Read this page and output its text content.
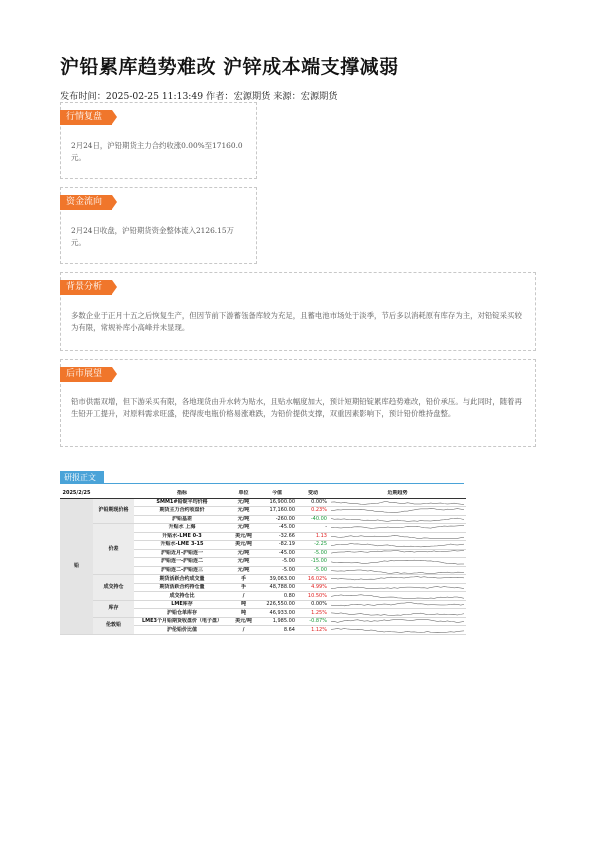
沪铅累库趋势难改 沪锌成本端支撑减弱
发布时间：2025-02-25 11:13:49 作者：宏源期货 来源：宏源期货
行情复盘
2月24日，沪铅期货主力合约收涨0.00%至17160.0元。
资金流向
2月24日收盘，沪铅期货资金整体流入2126.15万元。
背景分析
多数企业于正月十五之后恢复生产，但因节前下游蓄瓴备库较为充足，且蓄电池市场处于淡季，节后多以消耗原有库存为主，对铅锭采买较为有限，常规补库小高峰并未显现。
后市展望
铅市供需双增，但下游采买有限，各地现货由升水转为贴水，且贴水幅度加大，预计短期铅锭累库趋势难改，铅价承压。与此同时，随着再生铅开工提升，对原料需求旺盛，使得废电瓶价格易涨难跌，为铅价提供支撑，双重因素影响下，预计铅价维持盘整。
研报正文
2025/2/25		指标	单位	今值	变动	近期趋势
铅	沪铅期现价格	SMM1#铅锭平均价格	元/吨	16,900.00	0.00%	

		期货主力合约收盘价	元/吨	17,160.00	0.23%	

		沪铅基差	元/吨	-260.00	-40.00	

	价差	升贴水 上海	元/吨	-45.00	-	

		升贴水-LME 0-3	美元/吨	-32.66	1.13	

		升贴水-LME 3-15	美元/吨	-82.19	-2.25	

		沪铅近月-沪铅连一	元/吨	-45.00	-5.00	

		沪铅连一-沪铅连二	元/吨	-5.00	-15.00	

		沪铅连二-沪铅连三	元/吨	-5.00	-5.00	

	成交持仓	期货活跃合约成交量	手	39,063.00	16.02%	

		期货活跃合约持仓量	手	48,788.00	4.99%	

		成交持仓比	/	0.80	10.50%	

	库存	LME库存	吨	226,550.00	0.00%	

		沪铅仓单库存	吨	46,933.00	1.25%	

	伦敦铅	LME3个月铅期货收盘价（电子盘）	美元/吨	1,985.00	-0.87%	

		沪伦铅价比值	/	8.64	1.12%	
